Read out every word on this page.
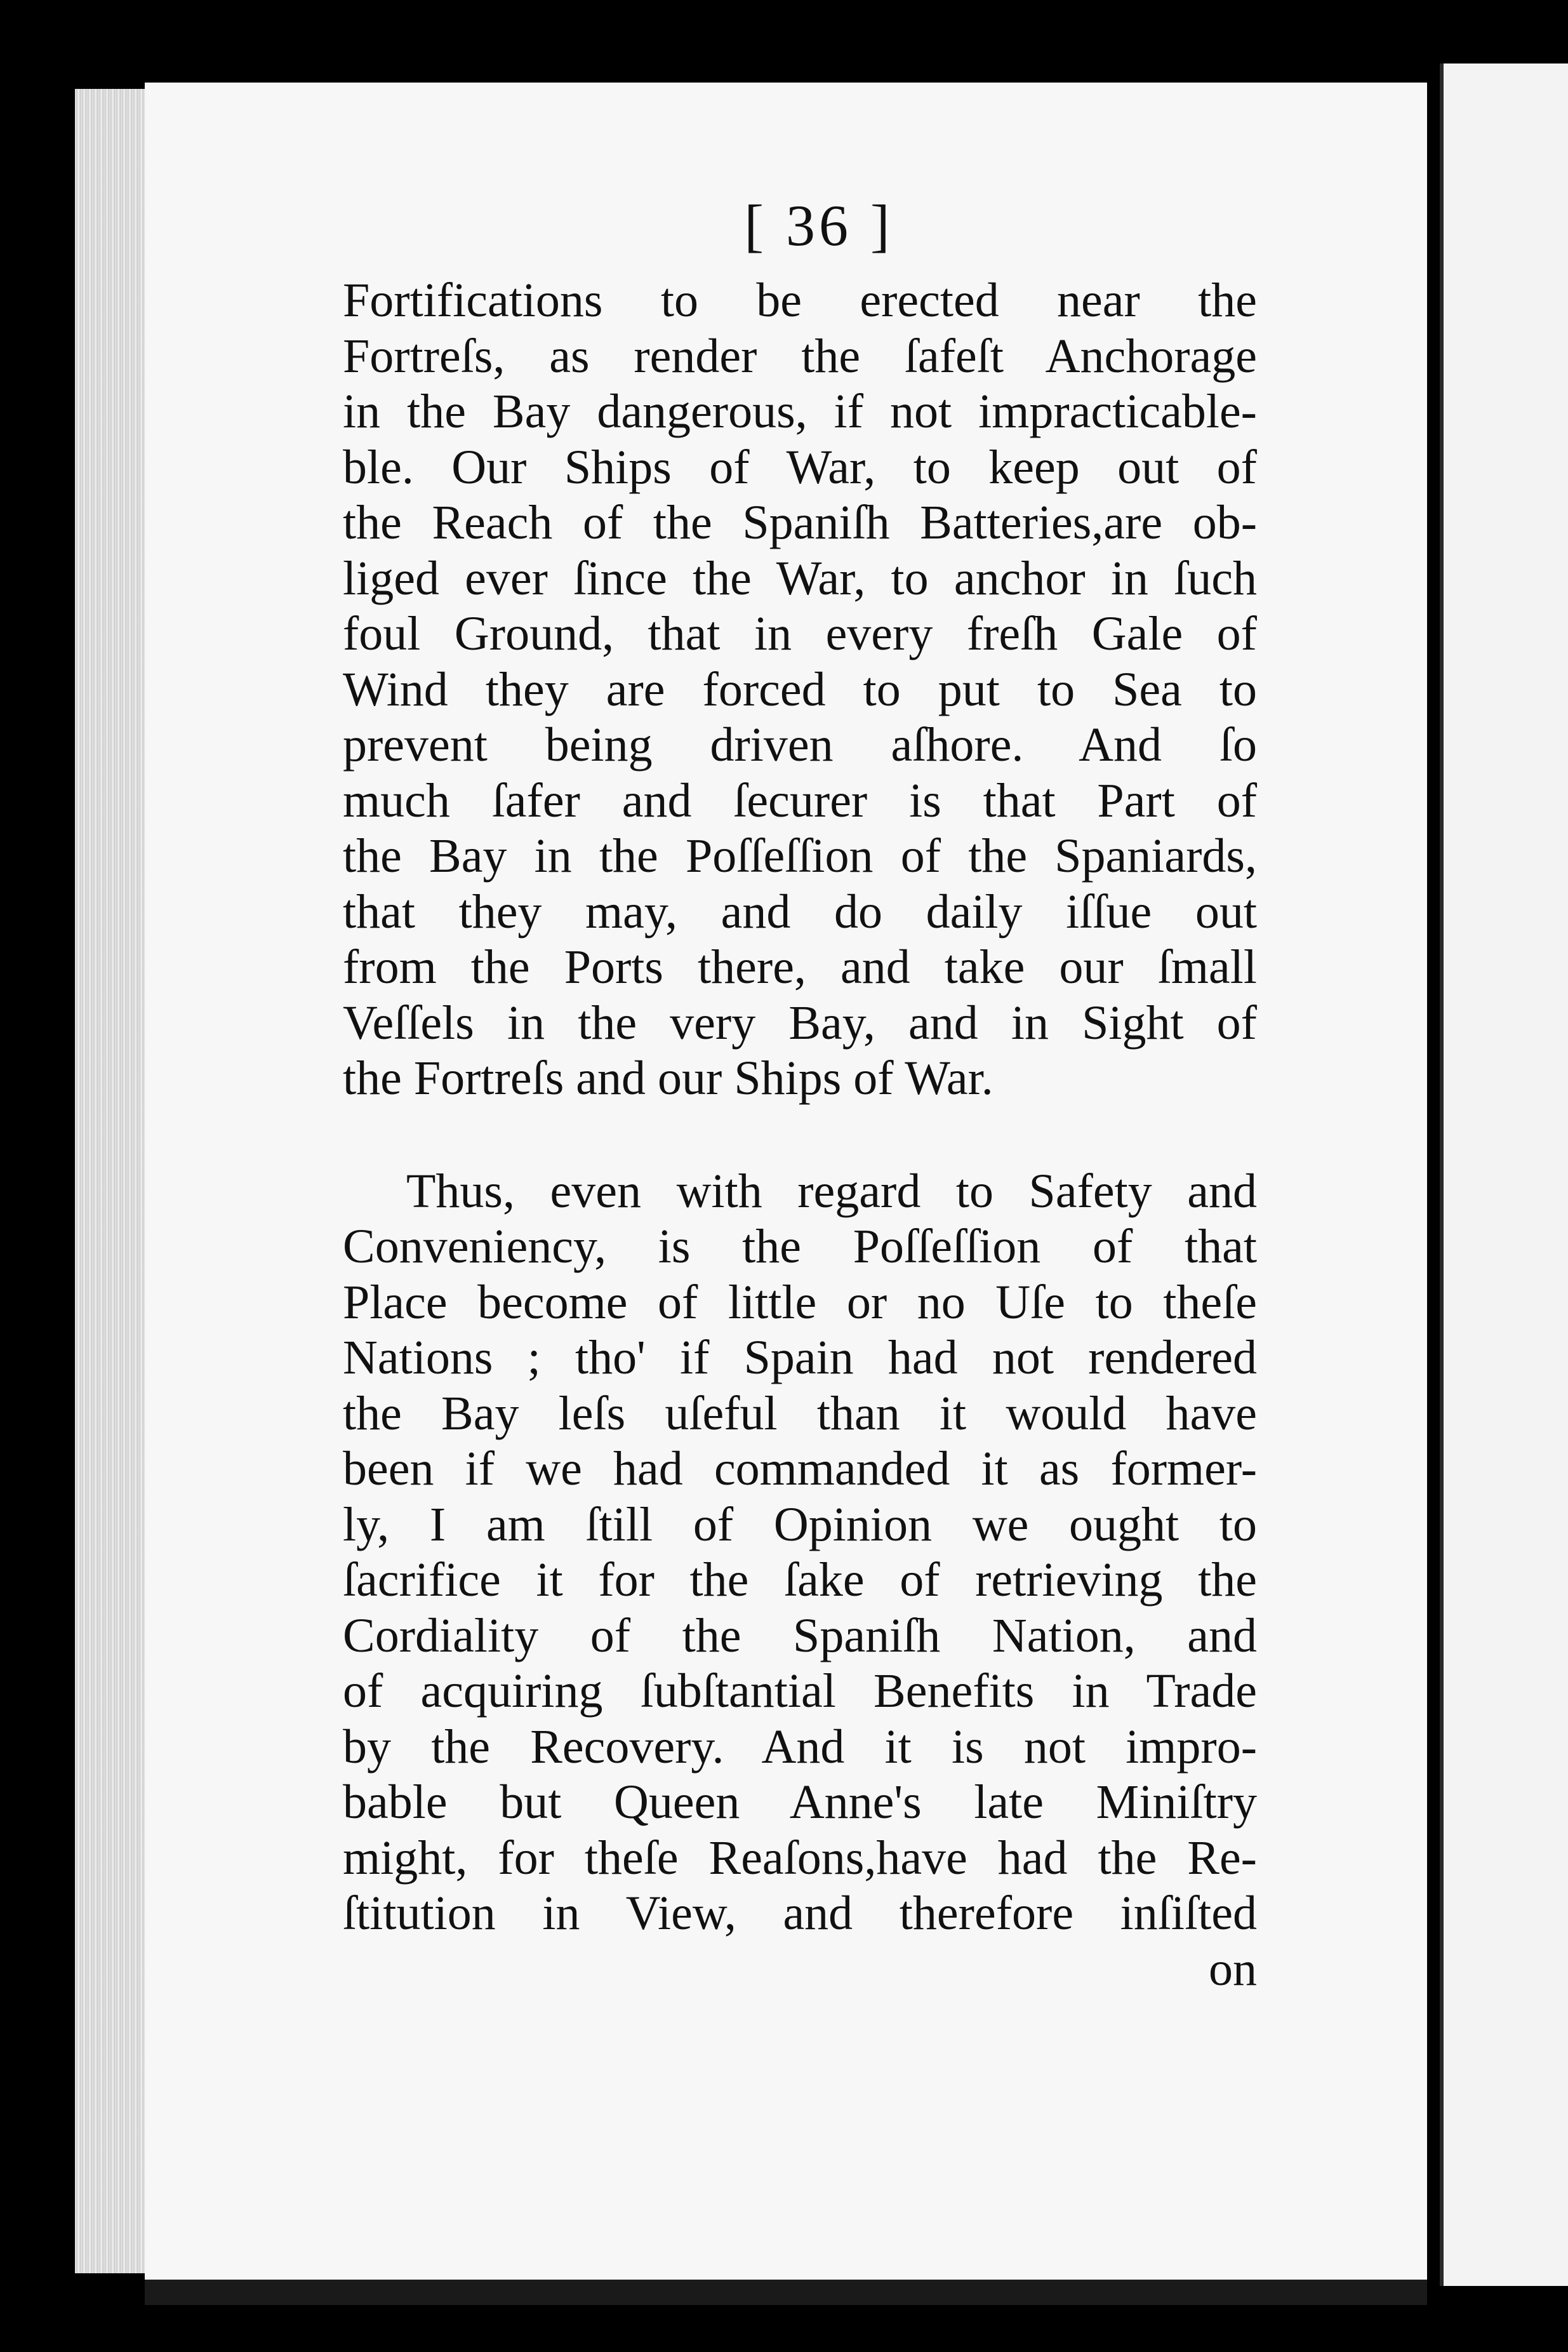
[ 36 ]
Fortifications to be erected near the
Fortreſs, as render the ſafeſt Anchorage
in the Bay dangerous, if not impracticable-
ble. Our Ships of War, to keep out of
the Reach of the Spaniſh Batteries,are ob-
liged ever ſince the War, to anchor in ſuch
foul Ground, that in every freſh Gale of
Wind they are forced to put to Sea to
prevent being driven aſhore. And ſo
much ſafer and ſecurer is that Part of
the Bay in the Poſſeſſion of the Spaniards,
that they may, and do daily iſſue out
from the Ports there, and take our ſmall
Veſſels in the very Bay, and in Sight of
the Fortreſs and our Ships of War.
Thus, even with regard to Safety and
Conveniency, is the Poſſeſſion of that
Place become of little or no Uſe to theſe
Nations ; tho' if Spain had not rendered
the Bay leſs uſeful than it would have
been if we had commanded it as former-
ly, I am ſtill of Opinion we ought to
ſacrifice it for the ſake of retrieving the
Cordiality of the Spaniſh Nation, and
of acquiring ſubſtantial Benefits in Trade
by the Recovery. And it is not impro-
bable but Queen Anne's late Miniſtry
might, for theſe Reaſons,have had the Re-
ſtitution in View, and therefore inſiſted
on
